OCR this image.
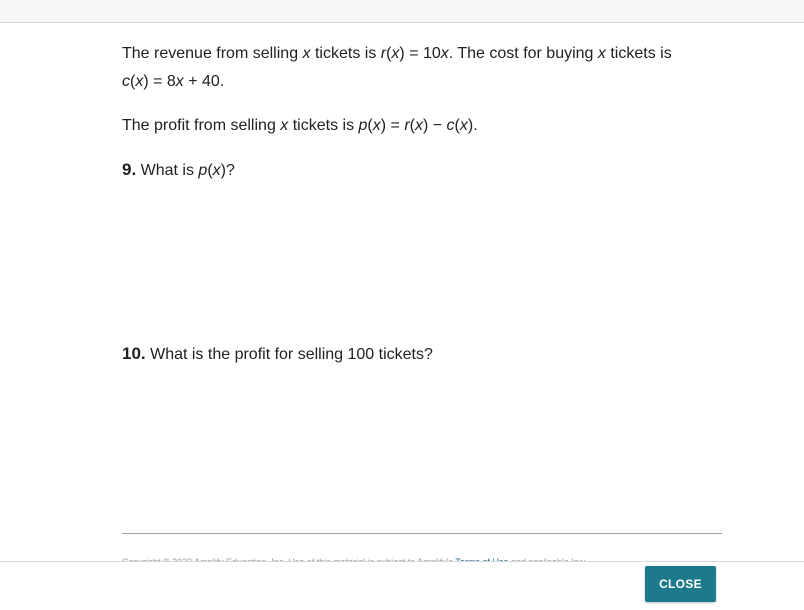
The revenue from selling x tickets is r(x) = 10x. The cost for buying x tickets is
c(x) = 8x + 40.

The profit from selling x tickets is p(x) = r(x) − c(x).

9. What is p(x)?

10. What is the profit for selling 100 tickets?

CLOSE
